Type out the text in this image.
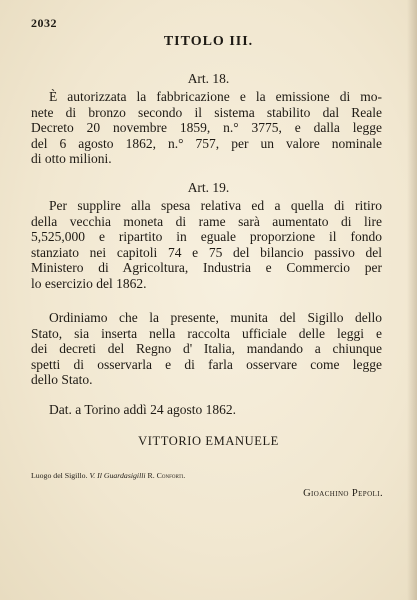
2032
TITOLO III.
Art. 18.
È autorizzata la fabbricazione e la emissione di mo-
nete di bronzo secondo il sistema stabilito dal Reale
Decreto 20 novembre 1859, n.° 3775, e dalla legge
del 6 agosto 1862, n.° 757, per un valore nominale
di otto milioni.
Art. 19.
Per supplire alla spesa relativa ed a quella di ritiro
della vecchia moneta di rame sarà aumentato di lire
5,525,000 e ripartito in eguale proporzione il fondo
stanziato nei capitoli 74 e 75 del bilancio passivo del
Ministero di Agricoltura, Industria e Commercio per
lo esercizio del 1862.
Ordiniamo che la presente, munita del Sigillo dello
Stato, sia inserta nella raccolta ufficiale delle leggi e
dei decreti del Regno d' Italia, mandando a chiunque
spetti di osservarla e di farla osservare come legge
dello Stato.
Dat. a Torino addì 24 agosto 1862.
VITTORIO EMANUELE
Luogo del Sigillo. V. Il Guardasigilli R. Conforti.
Gioachino Pepoli.
